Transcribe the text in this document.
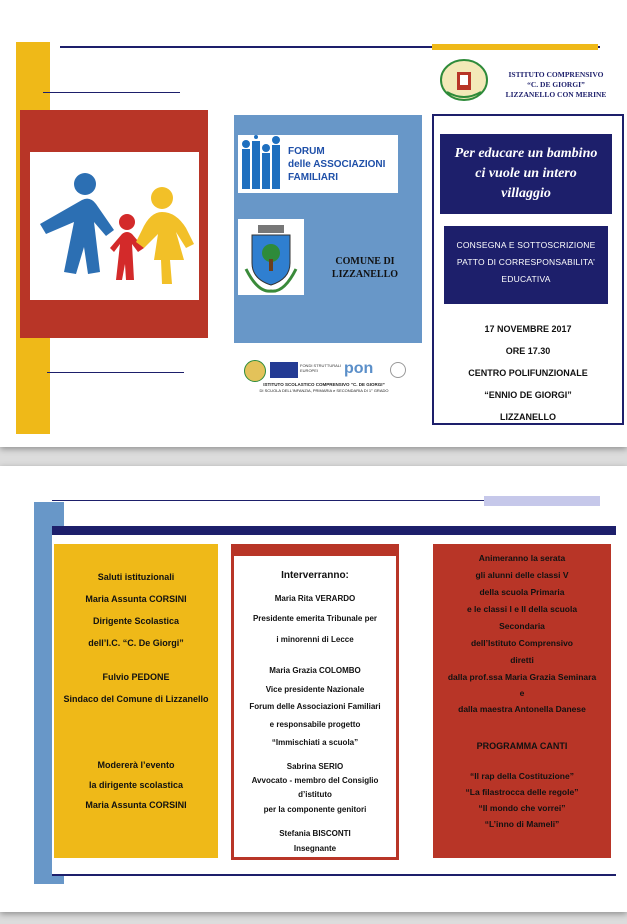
FORUM
delle ASSOCIAZIONI
FAMILIARI
COMUNE DI
LIZZANELLO
FONDI STRUTTURALI EUROPEI	pon
ISTITUTO SCOLASTICO COMPRENSIVO “C. DE GIORGI”
DI SCUOLA DELL’INFANZIA, PRIMARIA e SECONDARIA DI 1° GRADO
ISTITUTO COMPRENSIVO
“C. DE GIORGI”
LIZZANELLO CON MERINE
Per educare un bambino
ci vuole un intero
villaggio
CONSEGNA E SOTTOSCRIZIONE
PATTO DI CORRESPONSABILITA’
EDUCATIVA
17 NOVEMBRE 2017
ORE 17.30
CENTRO POLIFUNZIONALE
“ENNIO DE GIORGI”
LIZZANELLO
Saluti istituzionali
Maria Assunta CORSINI
Dirigente Scolastica
dell’I.C. “C. De Giorgi”
Fulvio PEDONE
Sindaco del Comune di Lizzanello
Modererà l’evento
la dirigente scolastica
Maria Assunta CORSINI
Interverranno:
Maria Rita VERARDO
Presidente emerita Tribunale per
i minorenni di Lecce
Maria Grazia COLOMBO
Vice presidente Nazionale
Forum delle Associazioni Familiari
e responsabile progetto
“Immischiati a scuola”
Sabrina SERIO
Avvocato - membro del Consiglio
d’istituto
per la componente genitori
Stefania BISCONTI
Insegnante
Animeranno la serata
gli alunni delle classi V
della scuola Primaria
e le classi I e II della scuola
Secondaria
dell’Istituto Comprensivo
diretti
dalla prof.ssa Maria Grazia Seminara
e
dalla maestra Antonella Danese
PROGRAMMA CANTI
“Il rap della Costituzione”
“La filastrocca delle regole”
“Il mondo che vorrei”
“L’inno di Mameli”
